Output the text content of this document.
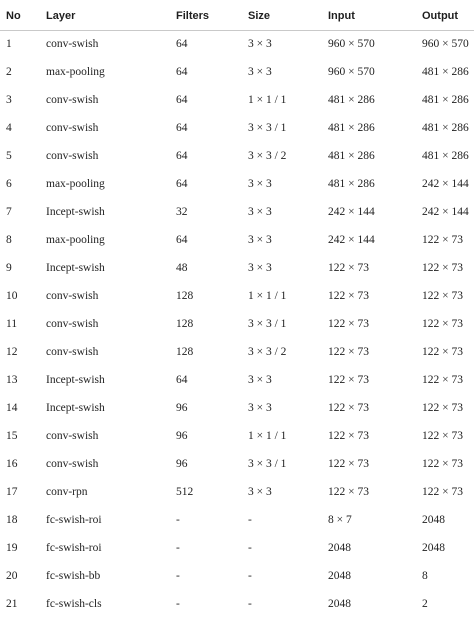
No Layer	Filters	Size	Input	Output
1	conv-swish	64	3 × 3	960 × 570	960 × 570
2	max-pooling	64	3 × 3	960 × 570	481 × 286
3	conv-swish	64	1 × 1 / 1	481 × 286	481 × 286
4	conv-swish	64	3 × 3 / 1	481 × 286	481 × 286
5	conv-swish	64	3 × 3 / 2	481 × 286	481 × 286
6	max-pooling	64	3 × 3	481 × 286	242 × 144
7	Incept-swish	32	3 × 3	242 × 144	242 × 144
8	max-pooling	64	3 × 3	242 × 144	122 × 73
9	Incept-swish	48	3 × 3	122 × 73	122 × 73
10 conv-swish	128	1 × 1 / 1	122 × 73	122 × 73
11	conv-swish	128	3 × 3 / 1	122 × 73	122 × 73
12 conv-swish	128	3 × 3 / 2	122 × 73	122 × 73
13 Incept-swish	64	3 × 3	122 × 73	122 × 73
14 Incept-swish	96	3 × 3	122 × 73	122 × 73
15 conv-swish	96	1 × 1 / 1	122 × 73	122 × 73
16 conv-swish	96	3 × 3 / 1	122 × 73	122 × 73
17 conv-rpn	512	3 × 3	122 × 73	122 × 73
18 fc-swish-roi	-	-	8 × 7	2048
19 fc-swish-roi	-	-	2048	2048
20 fc-swish-bb	-	-	2048	8
21 fc-swish-cls	-	-	2048	2
